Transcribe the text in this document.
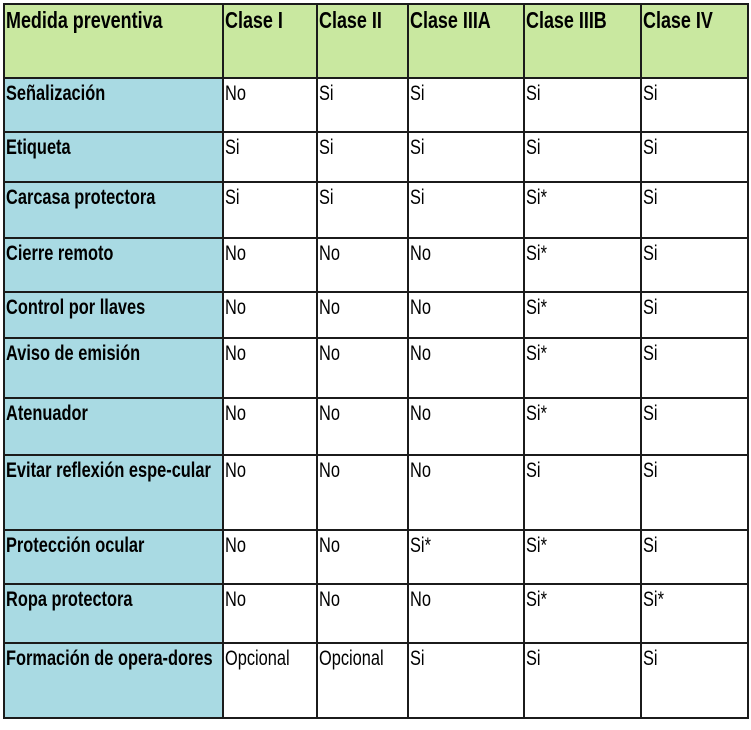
Medida preventiva	Clase I	Clase II	Clase IIIA	Clase IIIB	Clase IV
Señalización	No	Si	Si	Si	Si
Etiqueta	Si	Si	Si	Si	Si
Carcasa protectora	Si	Si	Si	Si*	Si
Cierre remoto	No	No	No	Si*	Si
Control por llaves	No	No	No	Si*	Si
Aviso de emisión	No	No	No	Si*	Si
Atenuador	No	No	No	Si*	Si
Evitar reflexión espe-cular	No	No	No	Si	Si
Protección ocular	No	No	Si*	Si*	Si
Ropa protectora	No	No	No	Si*	Si*
Formación de opera-dores	Opcional	Opcional	Si	Si	Si
